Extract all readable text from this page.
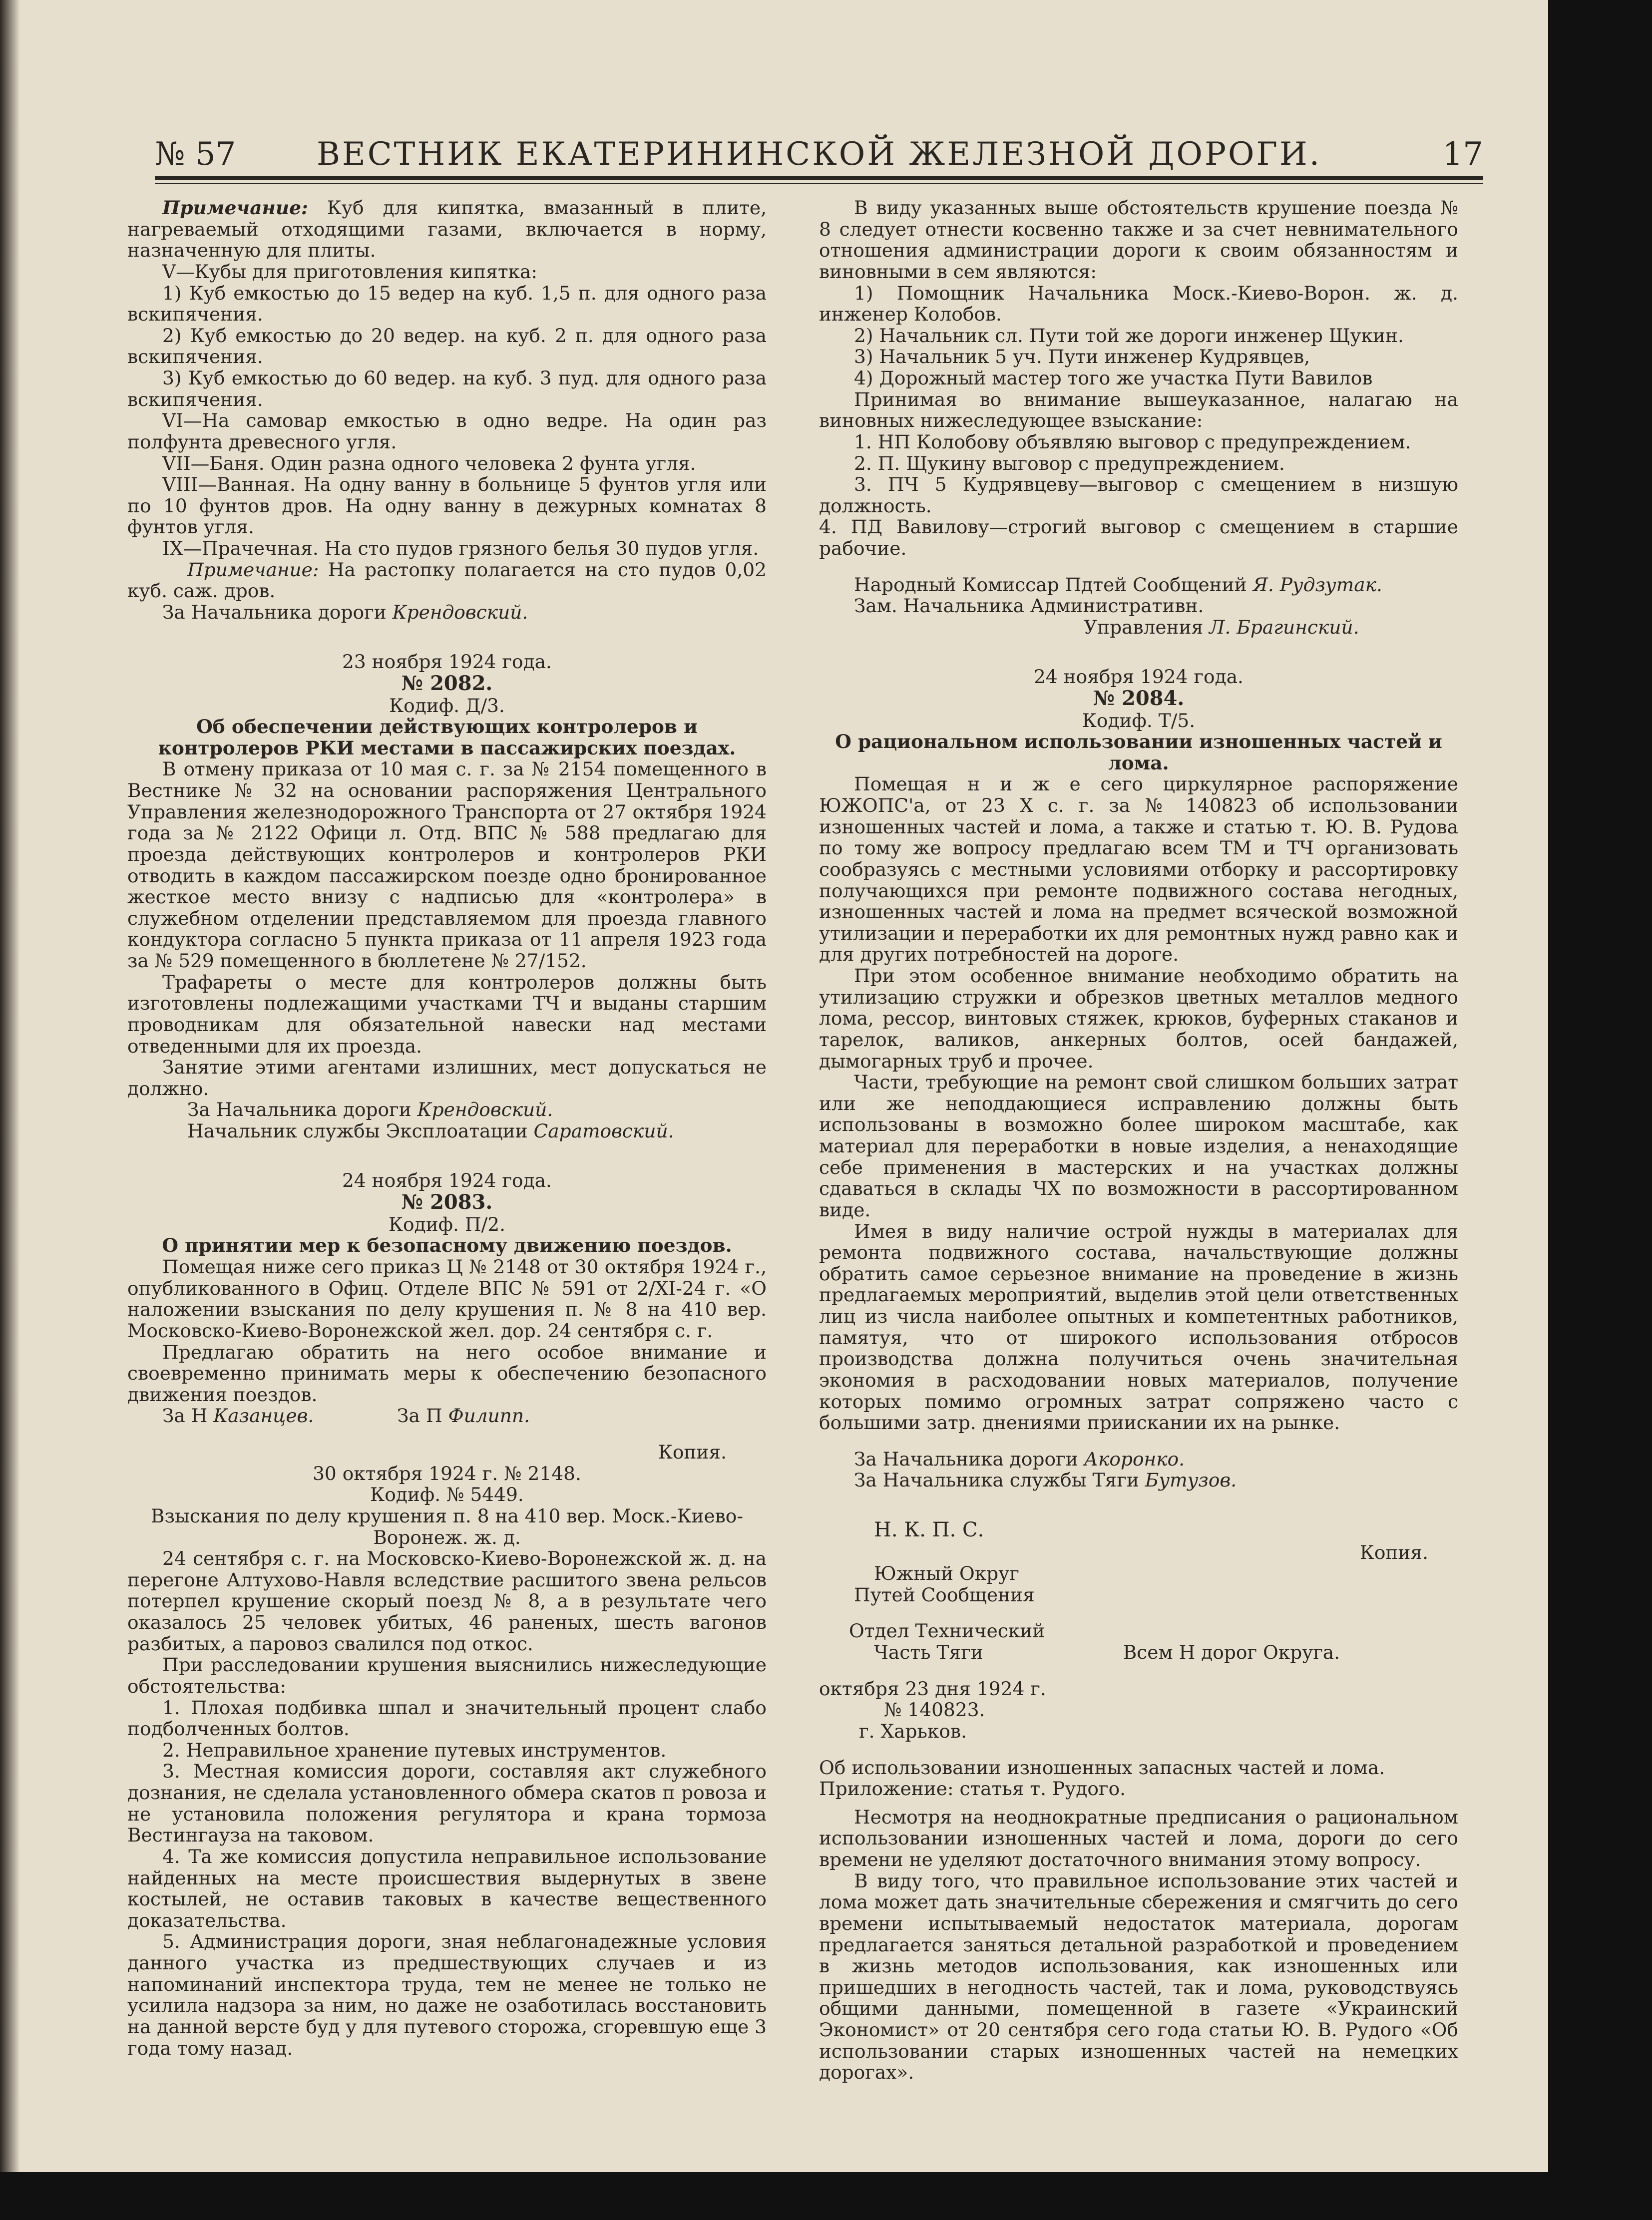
№ 57	ВЕСТНИК ЕКАТЕРИНИНСКОЙ ЖЕЛЕЗНОЙ ДОРОГИ.	17

Примечание: Куб для кипятка, вмазанный в плите, нагреваемый отходящими газами, включается в норму, назначенную для плиты.

V—Кубы для приготовления кипятка:

1) Куб емкостью до 15 ведер на куб. 1,5 п. для одного раза вскипячения.

2) Куб емкостью до 20 ведер. на куб. 2 п. для одного раза вскипячения.

3) Куб емкостью до 60 ведер. на куб. 3 пуд. для одного раза вскипячения.

VI—На самовар емкостью в одно ведре. На один раз полфунта древесного угля.

VII—Баня. Один разна одного человека 2 фунта угля.

VIII—Ванная. На одну ванну в больнице 5 фунтов угля или по 10 фунтов дров. На одну ванну в дежурных комнатах 8 фунтов угля.

IX—Прачечная. На сто пудов грязного белья 30 пудов угля.

Примечание: На растопку полагается на сто пудов 0,02 куб. саж. дров.

За Начальника дороги Крендовский.

23 ноября 1924 года.

№ 2082.

Кодиф. Д/3.

Об обеспечении действующих контролеров и контролеров РКИ местами в пассажирских поездах.

В отмену приказа от 10 мая с. г. за № 2154 помещенного в Вестнике № 32 на основании распоряжения Центрального Управления железнодорожного Транспорта от 27 октября 1924 года за № 2122 Офици л. Отд. ВПС № 588 предлагаю для проезда действующих контролеров и контролеров РКИ отводить в каждом пассажирском поезде одно бронированное жесткое место внизу с надписью для «контролера» в служебном отделении представляемом для проезда главного кондуктора согласно 5 пункта приказа от 11 апреля 1923 года за № 529 помещенного в бюллетене № 27/152.

Трафареты о месте для контролеров должны быть изготовлены подлежащими участками ТЧ и выданы старшим проводникам для обязательной навески над местами отведенными для их проезда.

Занятие этими агентами излишних, мест допускаться не должно.

За Начальника дороги Крендовский.

Начальник службы Эксплоатации Саратовский.

24 ноября 1924 года.

№ 2083.

Кодиф. П/2.

О принятии мер к безопасному движению поездов.

Помещая ниже сего приказ Ц № 2148 от 30 октября 1924 г., опубликованного в Офиц. Отделе ВПС № 591 от 2/XI-24 г. «О наложении взыскания по делу крушения п. № 8 на 410 вер. Московско-Киево-Воронежской жел. дор. 24 сентября с. г.

Предлагаю обратить на него особое внимание и своевременно принимать меры к обеспечению безопасного движения поездов.

За Н Казанцев.	За П Филипп.

Копия.

30 октября 1924 г. № 2148.

Кодиф. № 5449.

Взыскания по делу крушения п. 8 на 410 вер. Моск.-Киево-Воронеж. ж. д.

24 сентября с. г. на Московско-Киево-Воронежской ж. д. на перегоне Алтухово-Навля вследствие расшитого звена рельсов потерпел крушение скорый поезд № 8, а в результате чего оказалось 25 человек убитых, 46 раненых, шесть вагонов разбитых, а паровоз свалился под откос.

При расследовании крушения выяснились нижеследующие обстоятельства:

1. Плохая подбивка шпал и значительный процент слабо подболченных болтов.

2. Неправильное хранение путевых инструментов.

3. Местная комиссия дороги, составляя акт служебного дознания, не сделала установленного обмера скатов п ровоза и не установила положения регулятора и крана тормоза Вестингауза на таковом.

4. Та же комиссия допустила неправильное использование найденных на месте происшествия выдернутых в звене костылей, не оставив таковых в качестве вещественного доказательства.

5. Администрация дороги, зная неблагонадежные условия данного участка из предшествующих случаев и из напоминаний инспектора труда, тем не менее не только не усилила надзора за ним, но даже не озаботилась восстановить на данной версте буд у для путевого сторожа, сгоревшую еще 3 года тому назад.

В виду указанных выше обстоятельств крушение поезда № 8 следует отнести косвенно также и за счет невнимательного отношения администрации дороги к своим обязанностям и виновными в сем являются:

1) Помощник Начальника Моск.-Киево-Ворон. ж. д. инженер Колобов.

2) Начальник сл. Пути той же дороги инженер Щукин.

3) Начальник 5 уч. Пути инженер Кудрявцев,

4) Дорожный мастер того же участка Пути Вавилов

Принимая во внимание вышеуказанное, налагаю на виновных нижеследующее взыскание:

1. НП Колобову объявляю выговор с предупреждением.

2. П. Щукину выговор с предупреждением.

3. ПЧ 5 Кудрявцеву—выговор с смещением в низшую должность.

4. ПД Вавилову—строгий выговор с смещением в старшие рабочие.

Народный Комиссар Пдтей Сообщений Я. Рудзутак.

Зам. Начальника Административн.

Управления Л. Брагинский.

24 ноября 1924 года.

№ 2084.

Кодиф. Т/5.

О рациональном использовании изношенных частей и лома.

Помещая н и ж е сего циркулярное распоряжение ЮЖОПС'а, от 23 X с. г. за № 140823 об использовании изношенных частей и лома, а также и статью т. Ю. В. Рудова по тому же вопросу предлагаю всем ТМ и ТЧ организовать сообразуясь с местными условиями отборку и рассортировку получающихся при ремонте подвижного состава негодных, изношенных частей и лома на предмет всяческой возможной утилизации и переработки их для ремонтных нужд равно как и для других потребностей на дороге.

При этом особенное внимание необходимо обратить на утилизацию стружки и обрезков цветных металлов медного лома, рессор, винтовых стяжек, крюков, буферных стаканов и тарелок, валиков, анкерных болтов, осей бандажей, дымогарных труб и прочее.

Части, требующие на ремонт свой слишком больших затрат или же неподдающиеся исправлению должны быть использованы в возможно более широком масштабе, как материал для переработки в новые изделия, а ненаходящие себе применения в мастерских и на участках должны сдаваться в склады ЧХ по возможности в рассортированном виде.

Имея в виду наличие острой нужды в материалах для ремонта подвижного состава, начальствующие должны обратить самое серьезное внимание на проведение в жизнь предлагаемых мероприятий, выделив этой цели ответственных лиц из числа наиболее опытных и компетентных работников, памятуя, что от широкого использования отбросов производства должна получиться очень значительная экономия в расходовании новых материалов, получение которых помимо огромных затрат сопряжено часто с большими затр. днениями приискании их на рынке.

За Начальника дороги Акоронко.

За Начальника службы Тяги Бутузов.

Н. К. П. С.

Копия.

Южный Округ

Путей Сообщения

Отдел Технический

Часть Тяги	Всем Н дорог Округа.

октября 23 дня 1924 г.

№ 140823.

г. Харьков.

Об использовании изношенных запасных частей и лома.

Приложение: статья т. Рудого.

Несмотря на неоднократные предписания о рациональном использовании изношенных частей и лома, дороги до сего времени не уделяют достаточного внимания этому вопросу.

В виду того, что правильное использование этих частей и лома может дать значительные сбережения и смягчить до сего времени испытываемый недостаток материала, дорогам предлагается заняться детальной разработкой и проведением в жизнь методов использования, как изношенных или пришедших в негодность частей, так и лома, руководствуясь общими данными, помещенной в газете «Украинский Экономист» от 20 сентября сего года статьи Ю. В. Рудого «Об использовании старых изношенных частей на немецких дорогах».
